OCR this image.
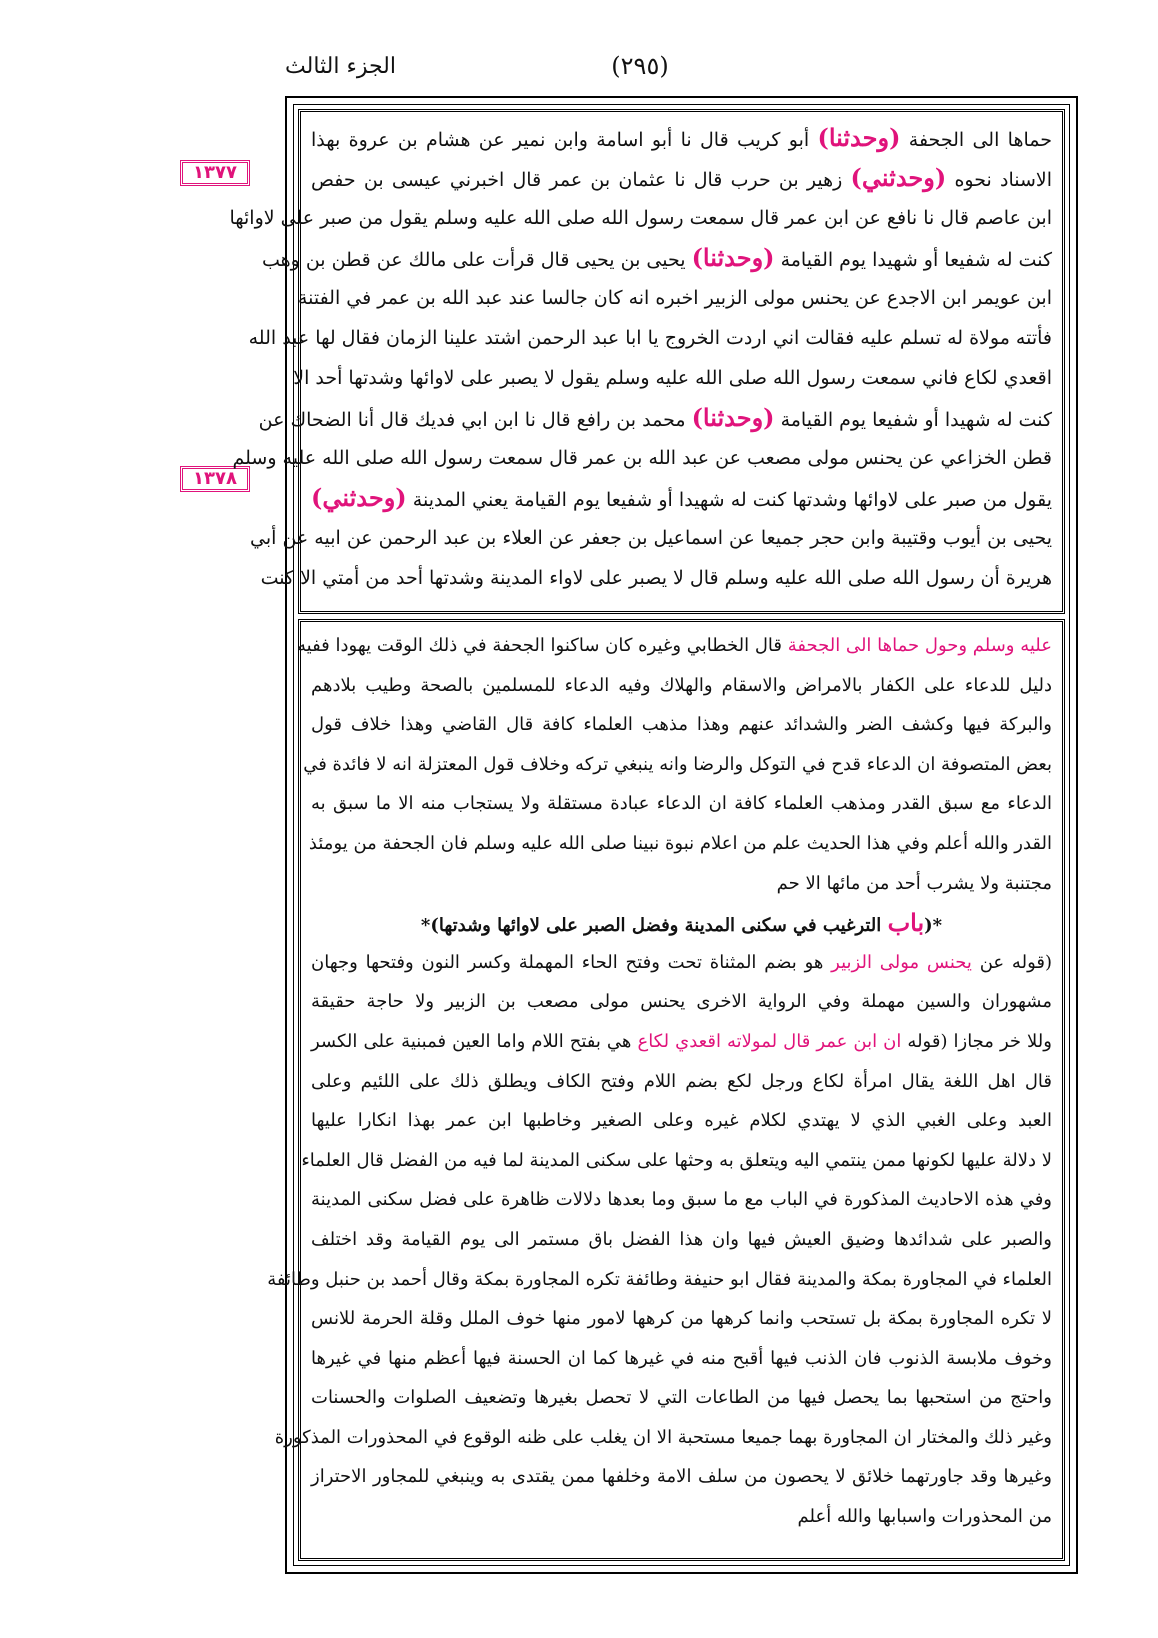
الجزء الثالث	(٢٩٥)
١٣٧٧
١٣٧٨
حماها الى الجحفة (وحدثنا) أبو كريب قال نا أبو اسامة وابن نمير عن هشام بن عروة بهذا
الاسناد نحوه (وحدثني) زهير بن حرب قال نا عثمان بن عمر قال اخبرني عيسى بن حفص
ابن عاصم قال نا نافع عن ابن عمر قال سمعت رسول الله صلى الله عليه وسلم يقول من صبر على لاوائها
كنت له شفيعا أو شهيدا يوم القيامة (وحدثنا) يحيى بن يحيى قال قرأت على مالك عن قطن بن وهب
ابن عويمر ابن الاجدع عن يحنس مولى الزبير اخبره انه كان جالسا عند عبد الله بن عمر في الفتنة
فأتته مولاة له تسلم عليه فقالت اني اردت الخروج يا ابا عبد الرحمن اشتد علينا الزمان فقال لها عبد الله
اقعدي لكاع فاني سمعت رسول الله صلى الله عليه وسلم يقول لا يصبر على لاوائها وشدتها أحد الا
كنت له شهيدا أو شفيعا يوم القيامة (وحدثنا) محمد بن رافع قال نا ابن ابي فديك قال أنا الضحاك عن
قطن الخزاعي عن يحنس مولى مصعب عن عبد الله بن عمر قال سمعت رسول الله صلى الله عليه وسلم
يقول من صبر على لاوائها وشدتها كنت له شهيدا أو شفيعا يوم القيامة يعني المدينة (وحدثني)
يحيى بن أيوب وقتيبة وابن حجر جميعا عن اسماعيل بن جعفر عن العلاء بن عبد الرحمن عن ابيه عن أبي
هريرة أن رسول الله صلى الله عليه وسلم قال لا يصبر على لاواء المدينة وشدتها أحد من أمتي الا كنت
عليه وسلم وحول حماها الى الجحفة قال الخطابي وغيره كان ساكنوا الجحفة في ذلك الوقت يهودا ففيه
دليل للدعاء على الكفار بالامراض والاسقام والهلاك وفيه الدعاء للمسلمين بالصحة وطيب بلادهم
والبركة فيها وكشف الضر والشدائد عنهم وهذا مذهب العلماء كافة قال القاضي وهذا خلاف قول
بعض المتصوفة ان الدعاء قدح في التوكل والرضا وانه ينبغي تركه وخلاف قول المعتزلة انه لا فائدة في
الدعاء مع سبق القدر ومذهب العلماء كافة ان الدعاء عبادة مستقلة ولا يستجاب منه الا ما سبق به
القدر والله أعلم وفي هذا الحديث علم من اعلام نبوة نبينا صلى الله عليه وسلم فان الجحفة من يومئذ
مجتنبة ولا يشرب أحد من مائها الا حم
*(باب الترغيب في سكنى المدينة وفضل الصبر على لاوائها وشدتها)*
(قوله عن يحنس مولى الزبير هو بضم المثناة تحت وفتح الحاء المهملة وكسر النون وفتحها وجهان
مشهوران والسين مهملة وفي الرواية الاخرى يحنس مولى مصعب بن الزبير ولا حاجة حقيقة
وللا خر مجازا (قوله ان ابن عمر قال لمولاته اقعدي لكاع هي بفتح اللام واما العين فمبنية على الكسر
قال اهل اللغة يقال امرأة لكاع ورجل لكع بضم اللام وفتح الكاف ويطلق ذلك على اللئيم وعلى
العبد وعلى الغبي الذي لا يهتدي لكلام غيره وعلى الصغير وخاطبها ابن عمر بهذا انكارا عليها
لا دلالة عليها لكونها ممن ينتمي اليه ويتعلق به وحثها على سكنى المدينة لما فيه من الفضل قال العلماء
وفي هذه الاحاديث المذكورة في الباب مع ما سبق وما بعدها دلالات ظاهرة على فضل سكنى المدينة
والصبر على شدائدها وضيق العيش فيها وان هذا الفضل باق مستمر الى يوم القيامة وقد اختلف
العلماء في المجاورة بمكة والمدينة فقال ابو حنيفة وطائفة تكره المجاورة بمكة وقال أحمد بن حنبل وطائفة
لا تكره المجاورة بمكة بل تستحب وانما كرهها من كرهها لامور منها خوف الملل وقلة الحرمة للانس
وخوف ملابسة الذنوب فان الذنب فيها أقبح منه في غيرها كما ان الحسنة فيها أعظم منها في غيرها
واحتج من استحبها بما يحصل فيها من الطاعات التي لا تحصل بغيرها وتضعيف الصلوات والحسنات
وغير ذلك والمختار ان المجاورة بهما جميعا مستحبة الا ان يغلب على ظنه الوقوع في المحذورات المذكورة
وغيرها وقد جاورتهما خلائق لا يحصون من سلف الامة وخلفها ممن يقتدى به وينبغي للمجاور الاحتراز
من المحذورات واسبابها والله أعلم
